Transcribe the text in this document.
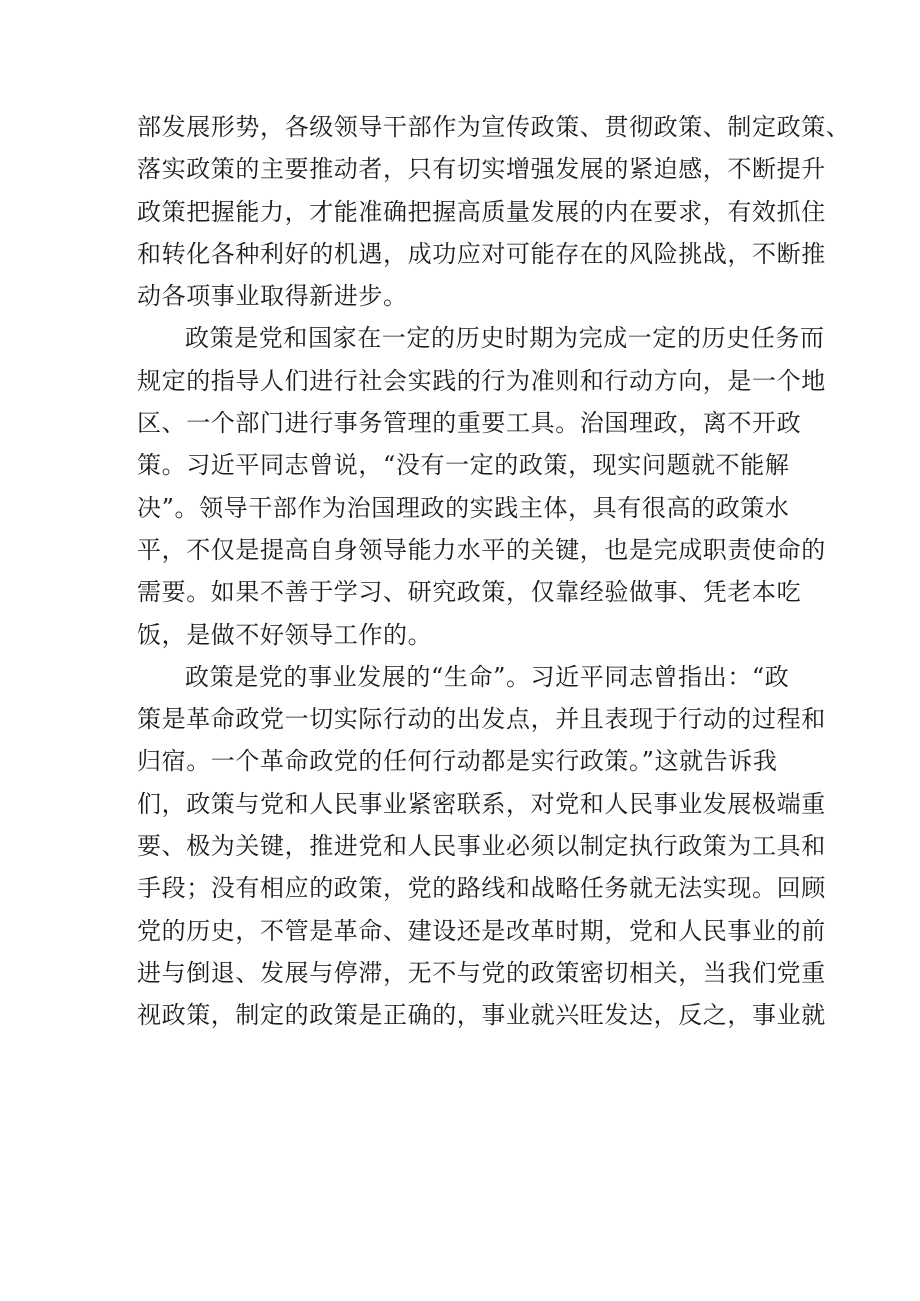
部发展形势，各级领导干部作为宣传政策、贯彻政策、制定政策、
落实政策的主要推动者，只有切实增强发展的紧迫感，不断提升
政策把握能力，才能准确把握高质量发展的内在要求，有效抓住
和转化各种利好的机遇，成功应对可能存在的风险挑战，不断推
动各项事业取得新进步。
政策是党和国家在一定的历史时期为完成一定的历史任务而
规定的指导人们进行社会实践的行为准则和行动方向，是一个地
区、一个部门进行事务管理的重要工具。治国理政，离不开政
策。习近平同志曾说，“没有一定的政策，现实问题就不能解
决”。领导干部作为治国理政的实践主体，具有很高的政策水
平，不仅是提高自身领导能力水平的关键，也是完成职责使命的
需要。如果不善于学习、研究政策，仅靠经验做事、凭老本吃
饭，是做不好领导工作的。
政策是党的事业发展的“生命”。习近平同志曾指出：“政
策是革命政党一切实际行动的出发点，并且表现于行动的过程和
归宿。一个革命政党的任何行动都是实行政策。”这就告诉我
们，政策与党和人民事业紧密联系，对党和人民事业发展极端重
要、极为关键，推进党和人民事业必须以制定执行政策为工具和
手段；没有相应的政策，党的路线和战略任务就无法实现。回顾
党的历史，不管是革命、建设还是改革时期，党和人民事业的前
进与倒退、发展与停滞，无不与党的政策密切相关，当我们党重
视政策，制定的政策是正确的，事业就兴旺发达，反之，事业就
